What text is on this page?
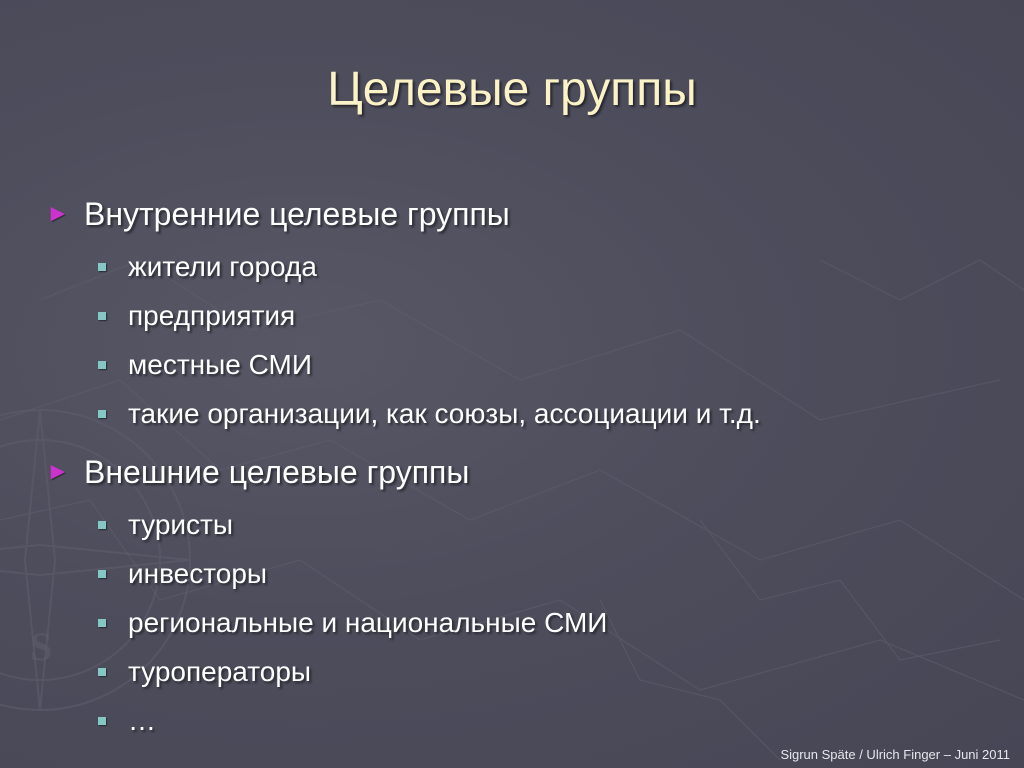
S
Целевые группы
► Внутренние целевые группы
жители города
предприятия
местные СМИ
такие организации, как союзы, ассоциации и т.д.
► Внешние целевые группы
туристы
инвесторы
региональные и национальные СМИ
туроператоры
…
Sigrun Späte / Ulrich Finger – Juni 2011
